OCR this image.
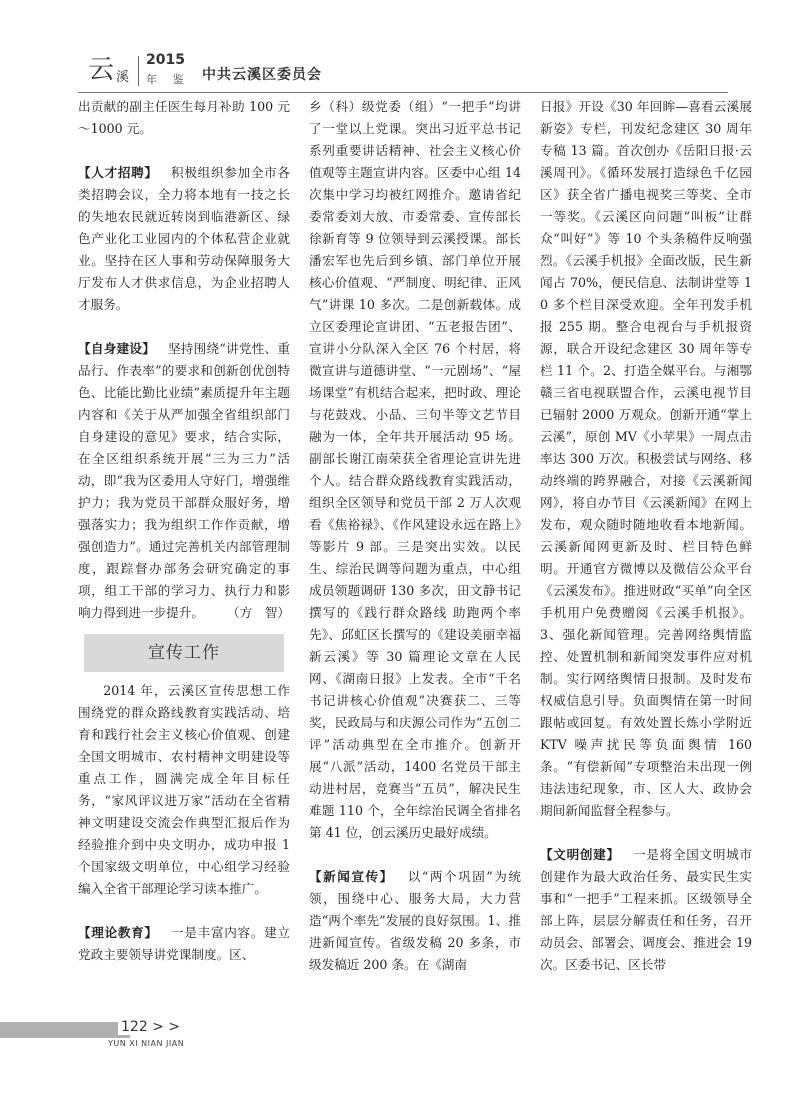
云 溪
2015
年 鉴 中共云溪区委员会

出贡献的副主任医生每月补助 100 元～1000 元。

【人才招聘】  积极组织参加全市各类招聘会议，全力将本地有一技之长的失地农民就近转岗到临港新区、绿色产业化工业园内的个体私营企业就业。坚持在区人事和劳动保障服务大厅发布人才供求信息，为企业招聘人才服务。

【自身建设】  坚持围绕“讲党性、重品行、作表率”的要求和创新创优创特色、比能比勤比业绩”素质提升年主题内容和《关于从严加强全省组织部门自身建设的意见》要求，结合实际，在全区组织系统开展“三为三力”活动，即“我为区委用人守好门，增强维护力；我为党员干部群众服好务，增强落实力；我为组织工作作贡献，增强创造力”。通过完善机关内部管理制度，跟踪督办部务会研究确定的事项，组工干部的学习力、执行力和影响力得到进一步提升。 （方　智）

宣传工作

2014 年，云溪区宣传思想工作围绕党的群众路线教育实践活动、培育和践行社会主义核心价值观、创建全国文明城市、农村精神文明建设等重点工作，圆满完成全年目标任务，“家风评议进万家”活动在全省精神文明建设交流会作典型汇报后作为经验推介到中央文明办，成功申报 1 个国家级文明单位，中心组学习经验编入全省干部理论学习读本推广。

【理论教育】  一是丰富内容。建立党政主要领导讲党课制度。区、

乡（科）级党委（组）“一把手”均讲了一堂以上党课。突出习近平总书记系列重要讲话精神、社会主义核心价值观等主题宣讲内容。区委中心组 14 次集中学习均被红网推介。邀请省纪委常委刘大放、市委常委、宣传部长徐新育等 9 位领导到云溪授课。部长潘宏军也先后到乡镇、部门单位开展核心价值观、“严制度、明纪律、正风气”讲课 10 多次。二是创新载体。成立区委理论宣讲团、“五老报告团”、宣讲小分队深入全区 76 个村居，将微宣讲与道德讲堂、“一元剧场”、“屋场课堂”有机结合起来，把时政、理论与花鼓戏、小品、三句半等文艺节目融为一体，全年共开展活动 95 场。副部长谢江南荣获全省理论宣讲先进个人。结合群众路线教育实践活动，组织全区领导和党员干部 2 万人次观看《焦裕禄》、《作风建设永远在路上》等影片 9 部。三是突出实效。以民生、综治民调等问题为重点，中心组成员领题调研 130 多次，田文静书记撰写的《践行群众路线 助跑两个率先》、邱虹区长撰写的《建设美丽幸福新云溪》等 30 篇理论文章在人民网、《湖南日报》上发表。全市“千名书记讲核心价值观”决赛获二、三等奖，民政局与和庆源公司作为“五创二评”活动典型在全市推介。创新开展“八派”活动，1400 名党员干部主动进村居，竞赛当“五员”，解决民生难题 110 个，全年综治民调全省排名第 41 位，创云溪历史最好成绩。

【新闻宣传】  以“两个巩固”为统领，围绕中心、服务大局，大力营造“两个率先”发展的良好氛围。1、推进新闻宣传。省级发稿 20 多条，市级发稿近 200 条。在《湖南

日报》开设《30 年回眸—喜看云溪展新姿》专栏，刊发纪念建区 30 周年专稿 13 篇。首次创办《岳阳日报·云溪周刊》。《循环发展打造绿色千亿园区》获全省广播电视奖三等奖、全市一等奖。《云溪区向问题“叫板”让群众“叫好”》等 10 个头条稿件反响强烈。《云溪手机报》全面改版，民生新闻占 70%，便民信息、法制讲堂等 10 多个栏目深受欢迎。全年刊发手机报 255 期。整合电视台与手机报资源，联合开设纪念建区 30 周年等专栏 11 个。2、打造全媒平台。与湘鄂赣三省电视联盟合作，云溪电视节目已辐射 2000 万观众。创新开通“掌上云溪”，原创 MV《小苹果》一周点击率达 300 万次。积极尝试与网络、移动终端的跨界融合，对接《云溪新闻网》，将自办节目《云溪新闻》在网上发布，观众随时随地收看本地新闻。云溪新闻网更新及时、栏目特色鲜明。开通官方微博以及微信公众平台《云溪发布》。推进财政“买单”向全区手机用户免费赠阅《云溪手机报》。3、强化新闻管理。完善网络舆情监控、处置机制和新闻突发事件应对机制。实行网络舆情日报制。及时发布权威信息引导。负面舆情在第一时间跟帖或回复。有效处置长炼小学附近 KTV 噪声扰民等负面舆情 160 条。“有偿新闻”专项整治未出现一例违法违纪现象，市、区人大、政协会期间新闻监督全程参与。

【文明创建】  一是将全国文明城市创建作为最大政治任务、最实民生实事和“一把手”工程来抓。区级领导全部上阵，层层分解责任和任务，召开动员会、部署会、调度会、推进会 19 次。区委书记、区长带

122 > >
YUN XI NIAN JIAN
